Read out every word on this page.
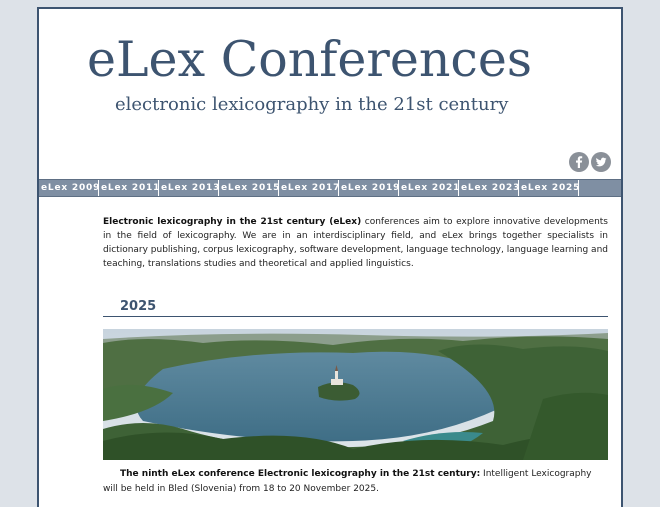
eLex Conferences
electronic lexicography in the 21st century
eLex 2009 eLex 2011 eLex 2013 eLex 2015 eLex 2017 eLex 2019 eLex 2021 eLex 2023 eLex 2025

Electronic lexicography in the 21st century (eLex) conferences aim to explore innovative developments in the field of lexicography. We are in an interdisciplinary field, and eLex brings together specialists in dictionary publishing, corpus lexicography, software development, language technology, language learning and teaching, translations studies and theoretical and applied linguistics.

2025

The ninth eLex conference Electronic lexicography in the 21st century: Intelligent Lexicography will be held in Bled (Slovenia) from 18 to 20 November 2025.
